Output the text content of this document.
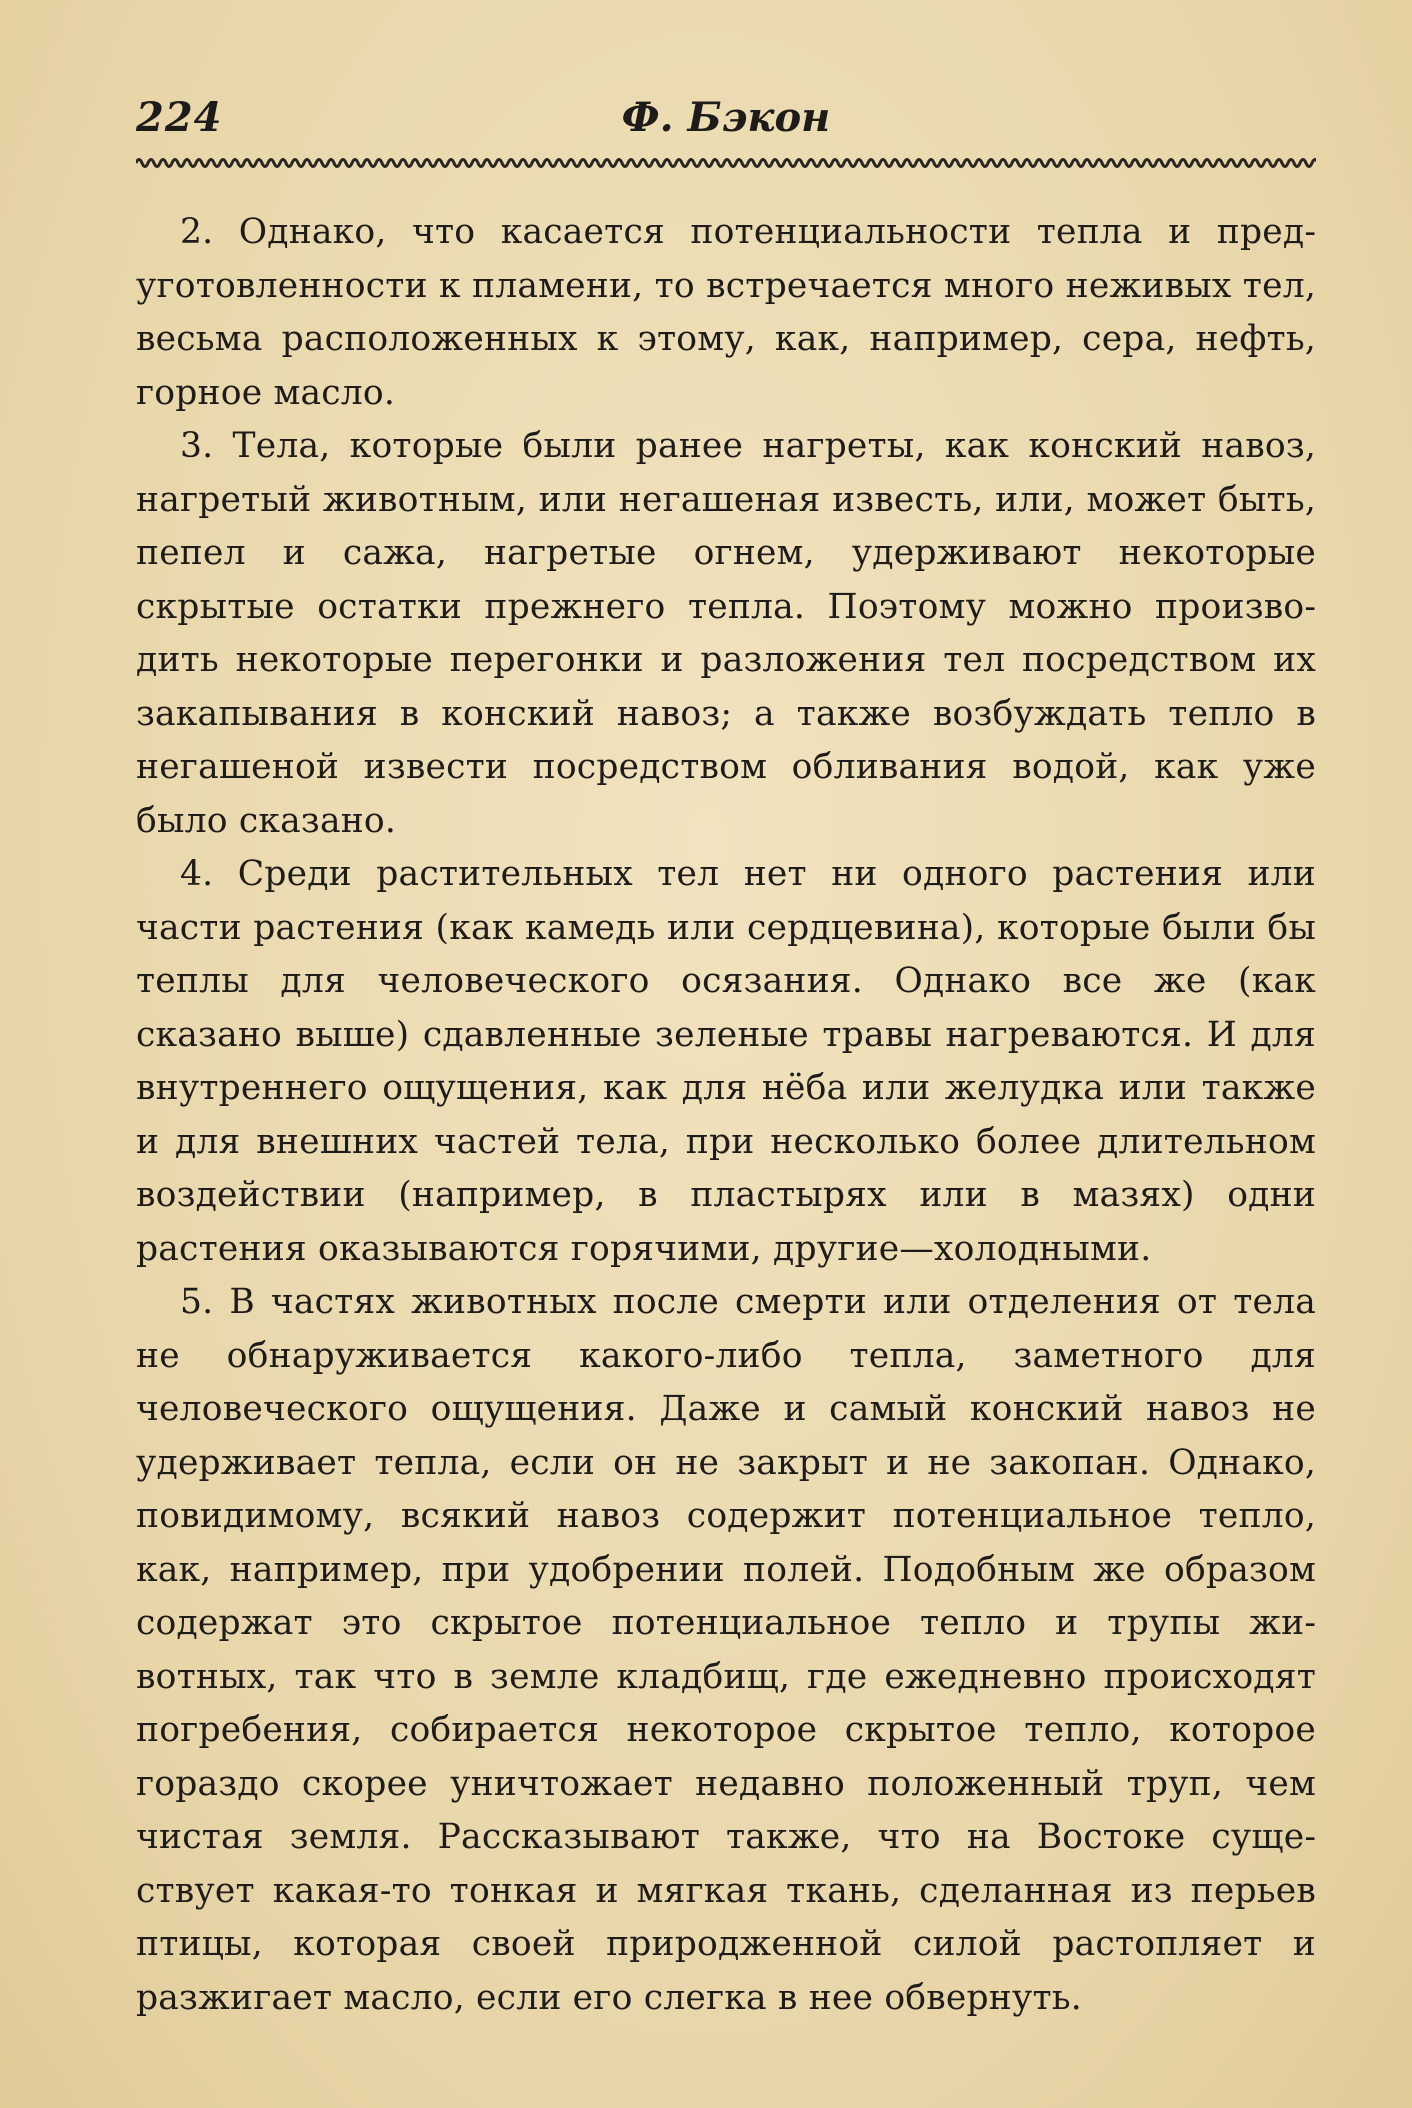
224	Ф. Бэкон

2. Однако, что касается потенциальности тепла и предуготовленности к пламени, то встречается много неживых тел, весьма расположенных к этому, как, например, сера, нефть, горное масло.

3. Тела, которые были ранее нагреты, как конский навоз, нагретый животным, или негашеная известь, или, может быть, пепел и сажа, нагретые огнем, удерживают некоторые скрытые остатки прежнего тепла. Поэтому можно производить некоторые перегонки и разложения тел посредством их закапывания в конский навоз; а также возбуждать тепло в негашеной извести посредством обливания водой, как уже было сказано.

4. Среди растительных тел нет ни одного растения или части растения (как камедь или сердцевина), которые были бы теплы для человеческого осязания. Однако все же (как сказано выше) сдавленные зеленые травы нагреваются. И для внутреннего ощущения, как для нёба или желудка или также и для внешних частей тела, при несколько более длительном воздействии (например, в пластырях или в мазях) одни растения оказываются горячими, другие—холодными.

5. В частях животных после смерти или отделения от тела не обнаруживается какого-либо тепла, заметного для человеческого ощущения. Даже и самый конский навоз не удерживает тепла, если он не закрыт и не закопан. Однако, повидимому, всякий навоз содержит потенциальное тепло, как, например, при удобрении полей. Подобным же образом содержат это скрытое потенциальное тепло и трупы животных, так что в земле кладбищ, где ежедневно происходят погребения, собирается некоторое скрытое тепло, которое гораздо скорее уничтожает недавно положенный труп, чем чистая земля. Рассказывают также, что на Востоке существует какая-то тонкая и мягкая ткань, сделанная из перьев птицы, которая своей природженной силой растопляет и разжигает масло, если его слегка в нее обвернуть.
